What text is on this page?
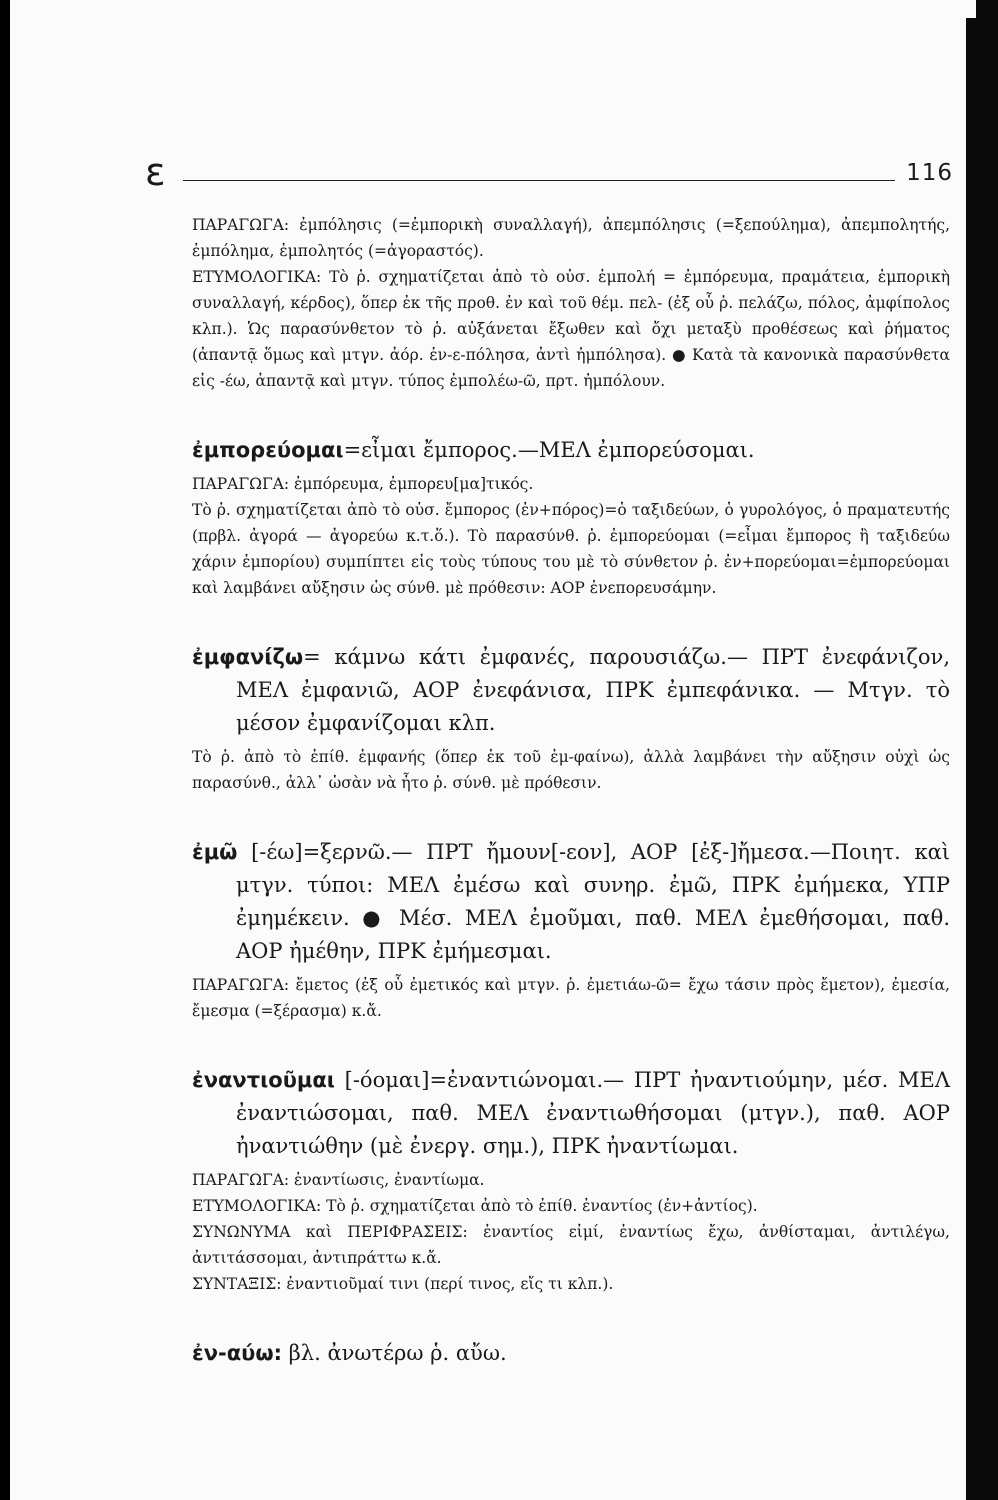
ε	116

ΠΑΡΑΓΩΓΑ: ἐμπόλησις (=ἐμπορικὴ συναλλαγή), ἀπεμπόλησις (=ξεπούλημα), ἀπεμπολητής, ἐμπόλημα, ἐμπολητός (=ἀγοραστός).

ΕΤΥΜΟΛΟΓΙΚΑ: Τὸ ῥ. σχηματίζεται ἀπὸ τὸ οὐσ. ἐμπολή = ἐμπόρευμα, πραμάτεια, ἐμπορικὴ συναλλαγή, κέρδος), ὅπερ ἐκ τῆς προθ. ἐν καὶ τοῦ θέμ. πελ- (ἐξ οὗ ῥ. πελάζω, πόλος, ἀμφίπολος κλπ.). Ὡς παρασύνθετον τὸ ῥ. αὐξάνεται ἔξωθεν καὶ ὄχι μεταξὺ προθέσεως καὶ ῥήματος (ἀπαντᾷ ὅμως καὶ μτγν. ἀόρ. ἐν-ε-πόλησα, ἀντὶ ἠμπόλησα). ● Κατὰ τὰ κανονικὰ παρασύνθετα εἰς -έω, ἀπαντᾷ καὶ μτγν. τύπος ἐμπολέω-ῶ, πρτ. ἠμπόλουν.

ἐμπορεύομαι=εἶμαι ἔμπορος.—ΜΕΛ ἐμπορεύσομαι.

ΠΑΡΑΓΩΓΑ: ἐμπόρευμα, ἐμπορευ[μα]τικός.

Τὸ ῥ. σχηματίζεται ἀπὸ τὸ οὐσ. ἔμπορος (ἐν+πόρος)=ὁ ταξιδεύων, ὁ γυρολόγος, ὁ πραματευτής (πρβλ. ἀγορά — ἀγορεύω κ.τ.ὅ.). Τὸ παρασύνθ. ῥ. ἐμπορεύομαι (=εἶμαι ἔμπορος ἢ ταξιδεύω χάριν ἐμπορίου) συμπίπτει εἰς τοὺς τύπους του μὲ τὸ σύνθετον ῥ. ἐν+πορεύομαι=ἐμπορεύομαι καὶ λαμβάνει αὔξησιν ὡς σύνθ. μὲ πρόθεσιν: ΑΟΡ ἐνεπορευσάμην.

ἐμφανίζω= κάμνω κάτι ἐμφανές, παρουσιάζω.— ΠΡΤ ἐνεφάνιζον, ΜΕΛ ἐμφανιῶ, ΑΟΡ ἐνεφάνισα, ΠΡΚ ἐμπεφάνικα. — Μτγν. τὸ μέσον ἐμφανίζομαι κλπ.

Τὸ ῥ. ἀπὸ τὸ ἐπίθ. ἐμφανής (ὅπερ ἐκ τοῦ ἐμ-φαίνω), ἀλλὰ λαμβάνει τὴν αὔξησιν οὐχὶ ὡς παρασύνθ., ἀλλ᾽ ὡσὰν νὰ ἦτο ῥ. σύνθ. μὲ πρόθεσιν.

ἐμῶ [-έω]=ξερνῶ.— ΠΡΤ ἤμουν[-εον], ΑΟΡ [ἐξ-]ἤμεσα.—Ποιητ. καὶ μτγν. τύποι: ΜΕΛ ἐμέσω καὶ συνηρ. ἐμῶ, ΠΡΚ ἐμήμεκα, ΥΠΡ ἐμημέκειν. ● Μέσ. ΜΕΛ ἐμοῦμαι, παθ. ΜΕΛ ἐμεθήσομαι, παθ. ΑΟΡ ἠμέθην, ΠΡΚ ἐμήμεσμαι.

ΠΑΡΑΓΩΓΑ: ἔμετος (ἐξ οὗ ἐμετικός καὶ μτγν. ῥ. ἐμετιάω-ῶ= ἔχω τάσιν πρὸς ἔμετον), ἐμεσία, ἔμεσμα (=ξέρασμα) κ.ἄ.

ἐναντιοῦμαι [-όομαι]=ἐναντιώνομαι.— ΠΡΤ ἠναντιούμην, μέσ. ΜΕΛ ἐναντιώσομαι, παθ. ΜΕΛ ἐναντιωθήσομαι (μτγν.), παθ. ΑΟΡ ἠναντιώθην (μὲ ἐνεργ. σημ.), ΠΡΚ ἠναντίωμαι.

ΠΑΡΑΓΩΓΑ: ἐναντίωσις, ἐναντίωμα.

ΕΤΥΜΟΛΟΓΙΚΑ: Τὸ ῥ. σχηματίζεται ἀπὸ τὸ ἐπίθ. ἐναντίος (ἐν+ἀντίος).

ΣΥΝΩΝΥΜΑ καὶ ΠΕΡΙΦΡΑΣΕΙΣ: ἐναντίος εἰμί, ἐναντίως ἔχω, ἀνθίσταμαι, ἀντιλέγω, ἀντιτάσσομαι, ἀντιπράττω κ.ἄ.

ΣΥΝΤΑΞΙΣ: ἐναντιοῦμαί τινι (περί τινος, εἴς τι κλπ.).

ἐν-αύω: βλ. ἀνωτέρω ῥ. αὔω.
